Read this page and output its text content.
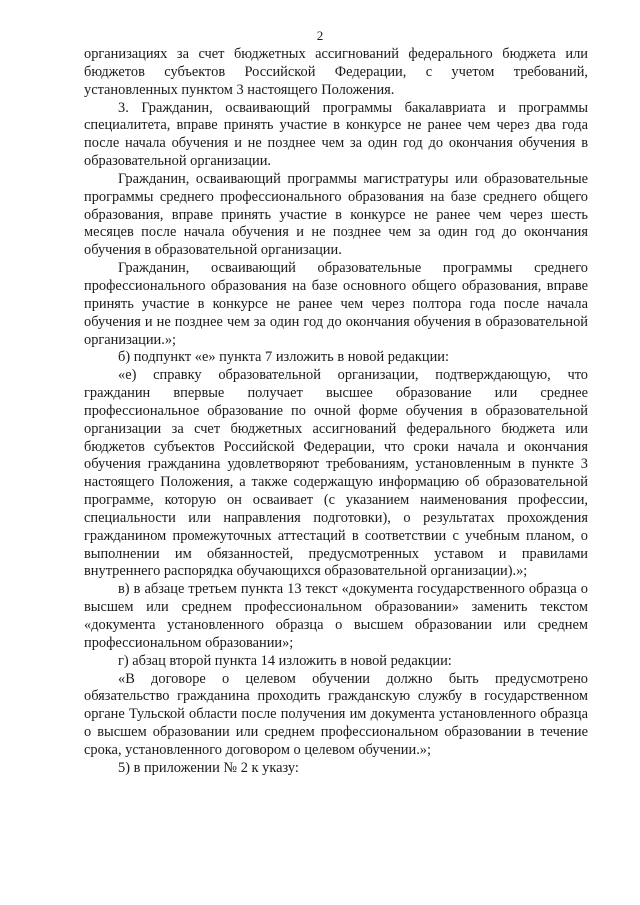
2

организациях за счет бюджетных ассигнований федерального бюджета или бюджетов субъектов Российской Федерации, с учетом требований, установленных пунктом 3 настоящего Положения.

3. Гражданин, осваивающий программы бакалавриата и программы специалитета, вправе принять участие в конкурсе не ранее чем через два года после начала обучения и не позднее чем за один год до окончания обучения в образовательной организации.

Гражданин, осваивающий программы магистратуры или образовательные программы среднего профессионального образования на базе среднего общего образования, вправе принять участие в конкурсе не ранее чем через шесть месяцев после начала обучения и не позднее чем за один год до окончания обучения в образовательной организации.

Гражданин, осваивающий образовательные программы среднего профессионального образования на базе основного общего образования, вправе принять участие в конкурсе не ранее чем через полтора года после начала обучения и не позднее чем за один год до окончания обучения в образовательной организации.»;

б) подпункт «е» пункта 7 изложить в новой редакции:

«е) справку образовательной организации, подтверждающую, что гражданин впервые получает высшее образование или среднее профессиональное образование по очной форме обучения в образовательной организации за счет бюджетных ассигнований федерального бюджета или бюджетов субъектов Российской Федерации, что сроки начала и окончания обучения гражданина удовлетворяют требованиям, установленным в пункте 3 настоящего Положения, а также содержащую информацию об образовательной программе, которую он осваивает (с указанием наименования профессии, специальности или направления подготовки), о результатах прохождения гражданином промежуточных аттестаций в соответствии с учебным планом, о выполнении им обязанностей, предусмотренных уставом и правилами внутреннего распорядка обучающихся образовательной организации).»;

в) в абзаце третьем пункта 13 текст «документа государственного образца о высшем или среднем профессиональном образовании» заменить текстом «документа установленного образца о высшем образовании или среднем профессиональном образовании»;

г) абзац второй пункта 14 изложить в новой редакции:

«В договоре о целевом обучении должно быть предусмотрено обязательство гражданина проходить гражданскую службу в государственном органе Тульской области после получения им документа установленного образца о высшем образовании или среднем профессиональном образовании в течение срока, установленного договором о целевом обучении.»;

5) в приложении № 2 к указу:
